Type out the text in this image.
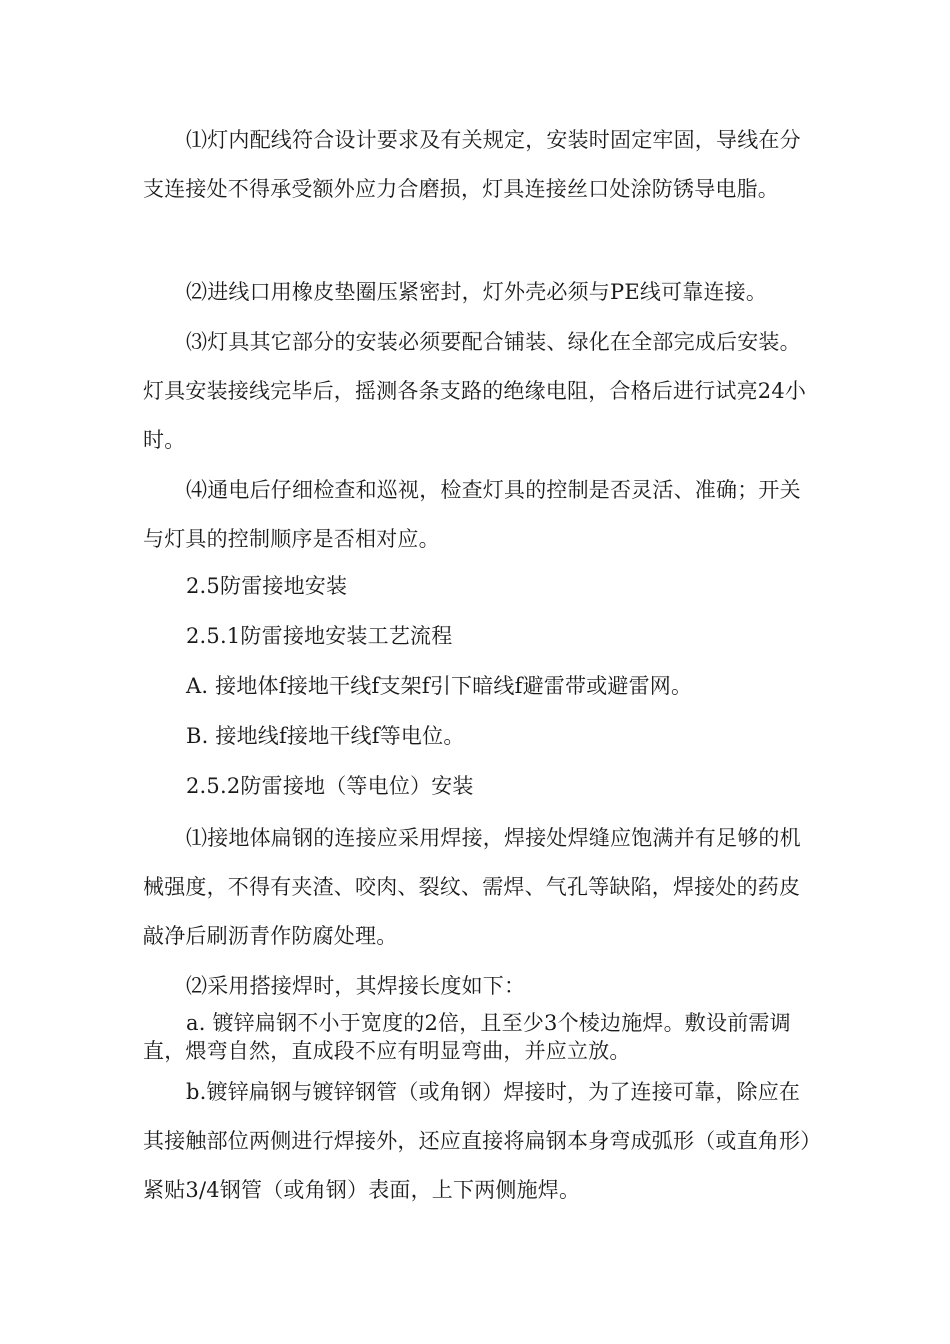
⑴灯内配线符合设计要求及有关规定，安装时固定牢固，导线在分支连接处不得承受额外应力合磨损，灯具连接丝口处涂防锈导电脂。

⑵进线口用橡皮垫圈压紧密封，灯外壳必须与PE线可靠连接。

⑶灯具其它部分的安装必须要配合铺装、绿化在全部完成后安装。灯具安装接线完毕后，摇测各条支路的绝缘电阻，合格后进行试亮24小时。

⑷通电后仔细检查和巡视，检查灯具的控制是否灵活、准确；开关与灯具的控制顺序是否相对应。

2.5防雷接地安装

2.5.1防雷接地安装工艺流程

A. 接地体f接地干线f支架f引下暗线f避雷带或避雷网。

B. 接地线f接地干线f等电位。

2.5.2防雷接地（等电位）安装

⑴接地体扁钢的连接应采用焊接，焊接处焊缝应饱满并有足够的机械强度，不得有夹渣、咬肉、裂纹、需焊、气孔等缺陷，焊接处的药皮敲净后刷沥青作防腐处理。

⑵采用搭接焊时，其焊接长度如下：

a. 镀锌扁钢不小于宽度的2倍，且至少3个棱边施焊。敷设前需调直，煨弯自然，直成段不应有明显弯曲，并应立放。

b.镀锌扁钢与镀锌钢管（或角钢）焊接时，为了连接可靠，除应在其接触部位两侧进行焊接外，还应直接将扁钢本身弯成弧形（或直角形）紧贴3/4钢管（或角钢）表面，上下两侧施焊。
